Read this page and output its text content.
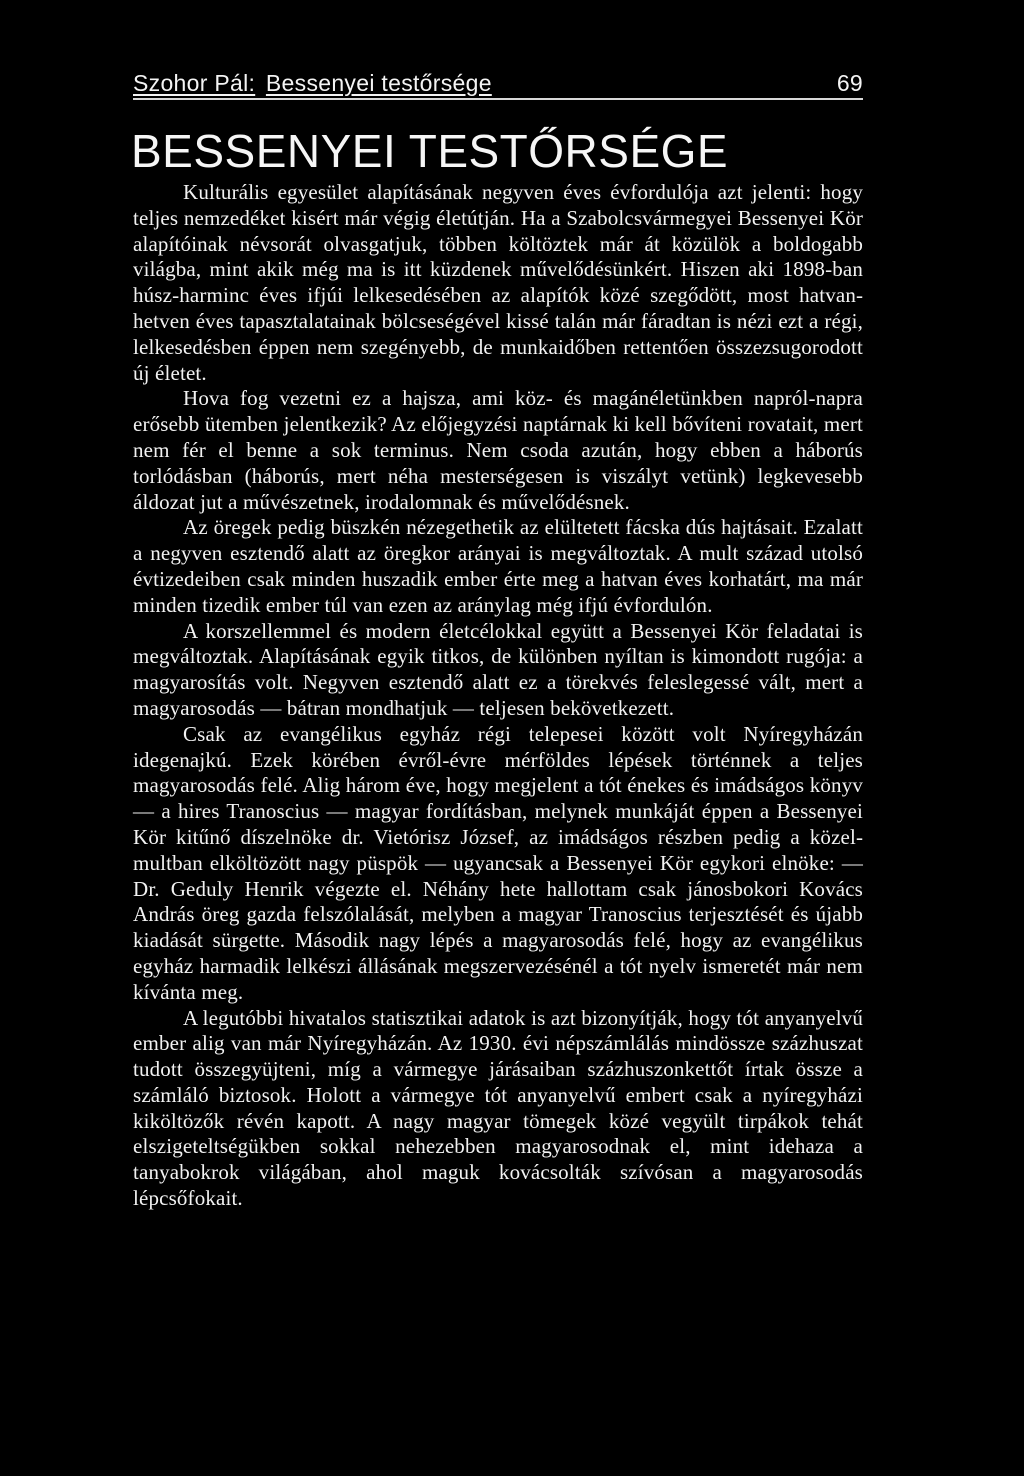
Szohor Pál: Bessenyei testőrsége	69
BESSENYEI TESTŐRSÉGE

Kulturális egyesület alapításának negyven éves évfordulója azt jelenti: hogy teljes nemzedéket kisért már végig életútján. Ha a Szabolcsvármegyei Bessenyei Kör alapítóinak névsorát olvasgatjuk, többen költöztek már át közülök a boldogabb világba, mint akik még ma is itt küzdenek művelődésünkért. Hiszen aki 1898-ban húsz-harminc éves ifjúi lelkesedésében az alapítók közé szegődött, most hatvanhetven éves tapasztalatainak bölcseségével kissé talán már fáradtan is nézi ezt a régi, lelkesedésben éppen nem szegényebb, de munkaidőben rettentően összezsugorodott új életet.

Hova fog vezetni ez a hajsza, ami köz- és magánéletünkben napról-napra erősebb ütemben jelentkezik? Az előjegyzési naptárnak ki kell bővíteni rovatait, mert nem fér el benne a sok terminus. Nem csoda azután, hogy ebben a háborús torlódásban (háborús, mert néha mesterségesen is viszályt vetünk) legkevesebb áldozat jut a művészetnek, irodalomnak és művelődésnek.

Az öregek pedig büszkén nézegethetik az elültetett fácska dús hajtásait. Ezalatt a negyven esztendő alatt az öregkor arányai is megváltoztak. A mult század utolsó évtizedeiben csak minden huszadik ember érte meg a hatvan éves korhatárt, ma már minden tizedik ember túl van ezen az aránylag még ifjú évfordulón.

A korszellemmel és modern életcélokkal együtt a Bessenyei Kör feladatai is megváltoztak. Alapításának egyik titkos, de különben nyíltan is kimondott rugója: a magyarosítás volt. Negyven esztendő alatt ez a törekvés feleslegessé vált, mert a magyarosodás — bátran mondhatjuk — teljesen bekövetkezett.

Csak az evangélikus egyház régi telepesei között volt Nyíregyházán idegenajkú. Ezek körében évről-évre mérföldes lépések történnek a teljes magyarosodás felé. Alig három éve, hogy megjelent a tót énekes és imádságos könyv — a hires Tranoscius — magyar fordításban, melynek munkáját éppen a Bessenyei Kör kitűnő díszelnöke dr. Vietórisz József, az imádságos részben pedig a közelmultban elköltözött nagy püspök — ugyancsak a Bessenyei Kör egykori elnöke: — Dr. Geduly Henrik végezte el. Néhány hete hallottam csak jánosbokori Kovács András öreg gazda felszólalását, melyben a magyar Tranoscius terjesztését és újabb kiadását sürgette. Második nagy lépés a magyarosodás felé, hogy az evangélikus egyház harmadik lelkészi állásának megszervezésénél a tót nyelv ismeretét már nem kívánta meg.

A legutóbbi hivatalos statisztikai adatok is azt bizonyítják, hogy tót anyanyelvű ember alig van már Nyíregyházán. Az 1930. évi népszámlálás mindössze százhuszat tudott összegyüjteni, míg a vármegye járásaiban százhuszonkettőt írtak össze a számláló biztosok. Holott a vármegye tót anyanyelvű embert csak a nyíregyházi kiköltözők révén kapott. A nagy magyar tömegek közé vegyült tirpákok tehát elszigeteltségükben sokkal nehezebben magyarosodnak el, mint idehaza a tanyabokrok világában, ahol maguk kovácsolták szívósan a magyarosodás lépcsőfokait.
